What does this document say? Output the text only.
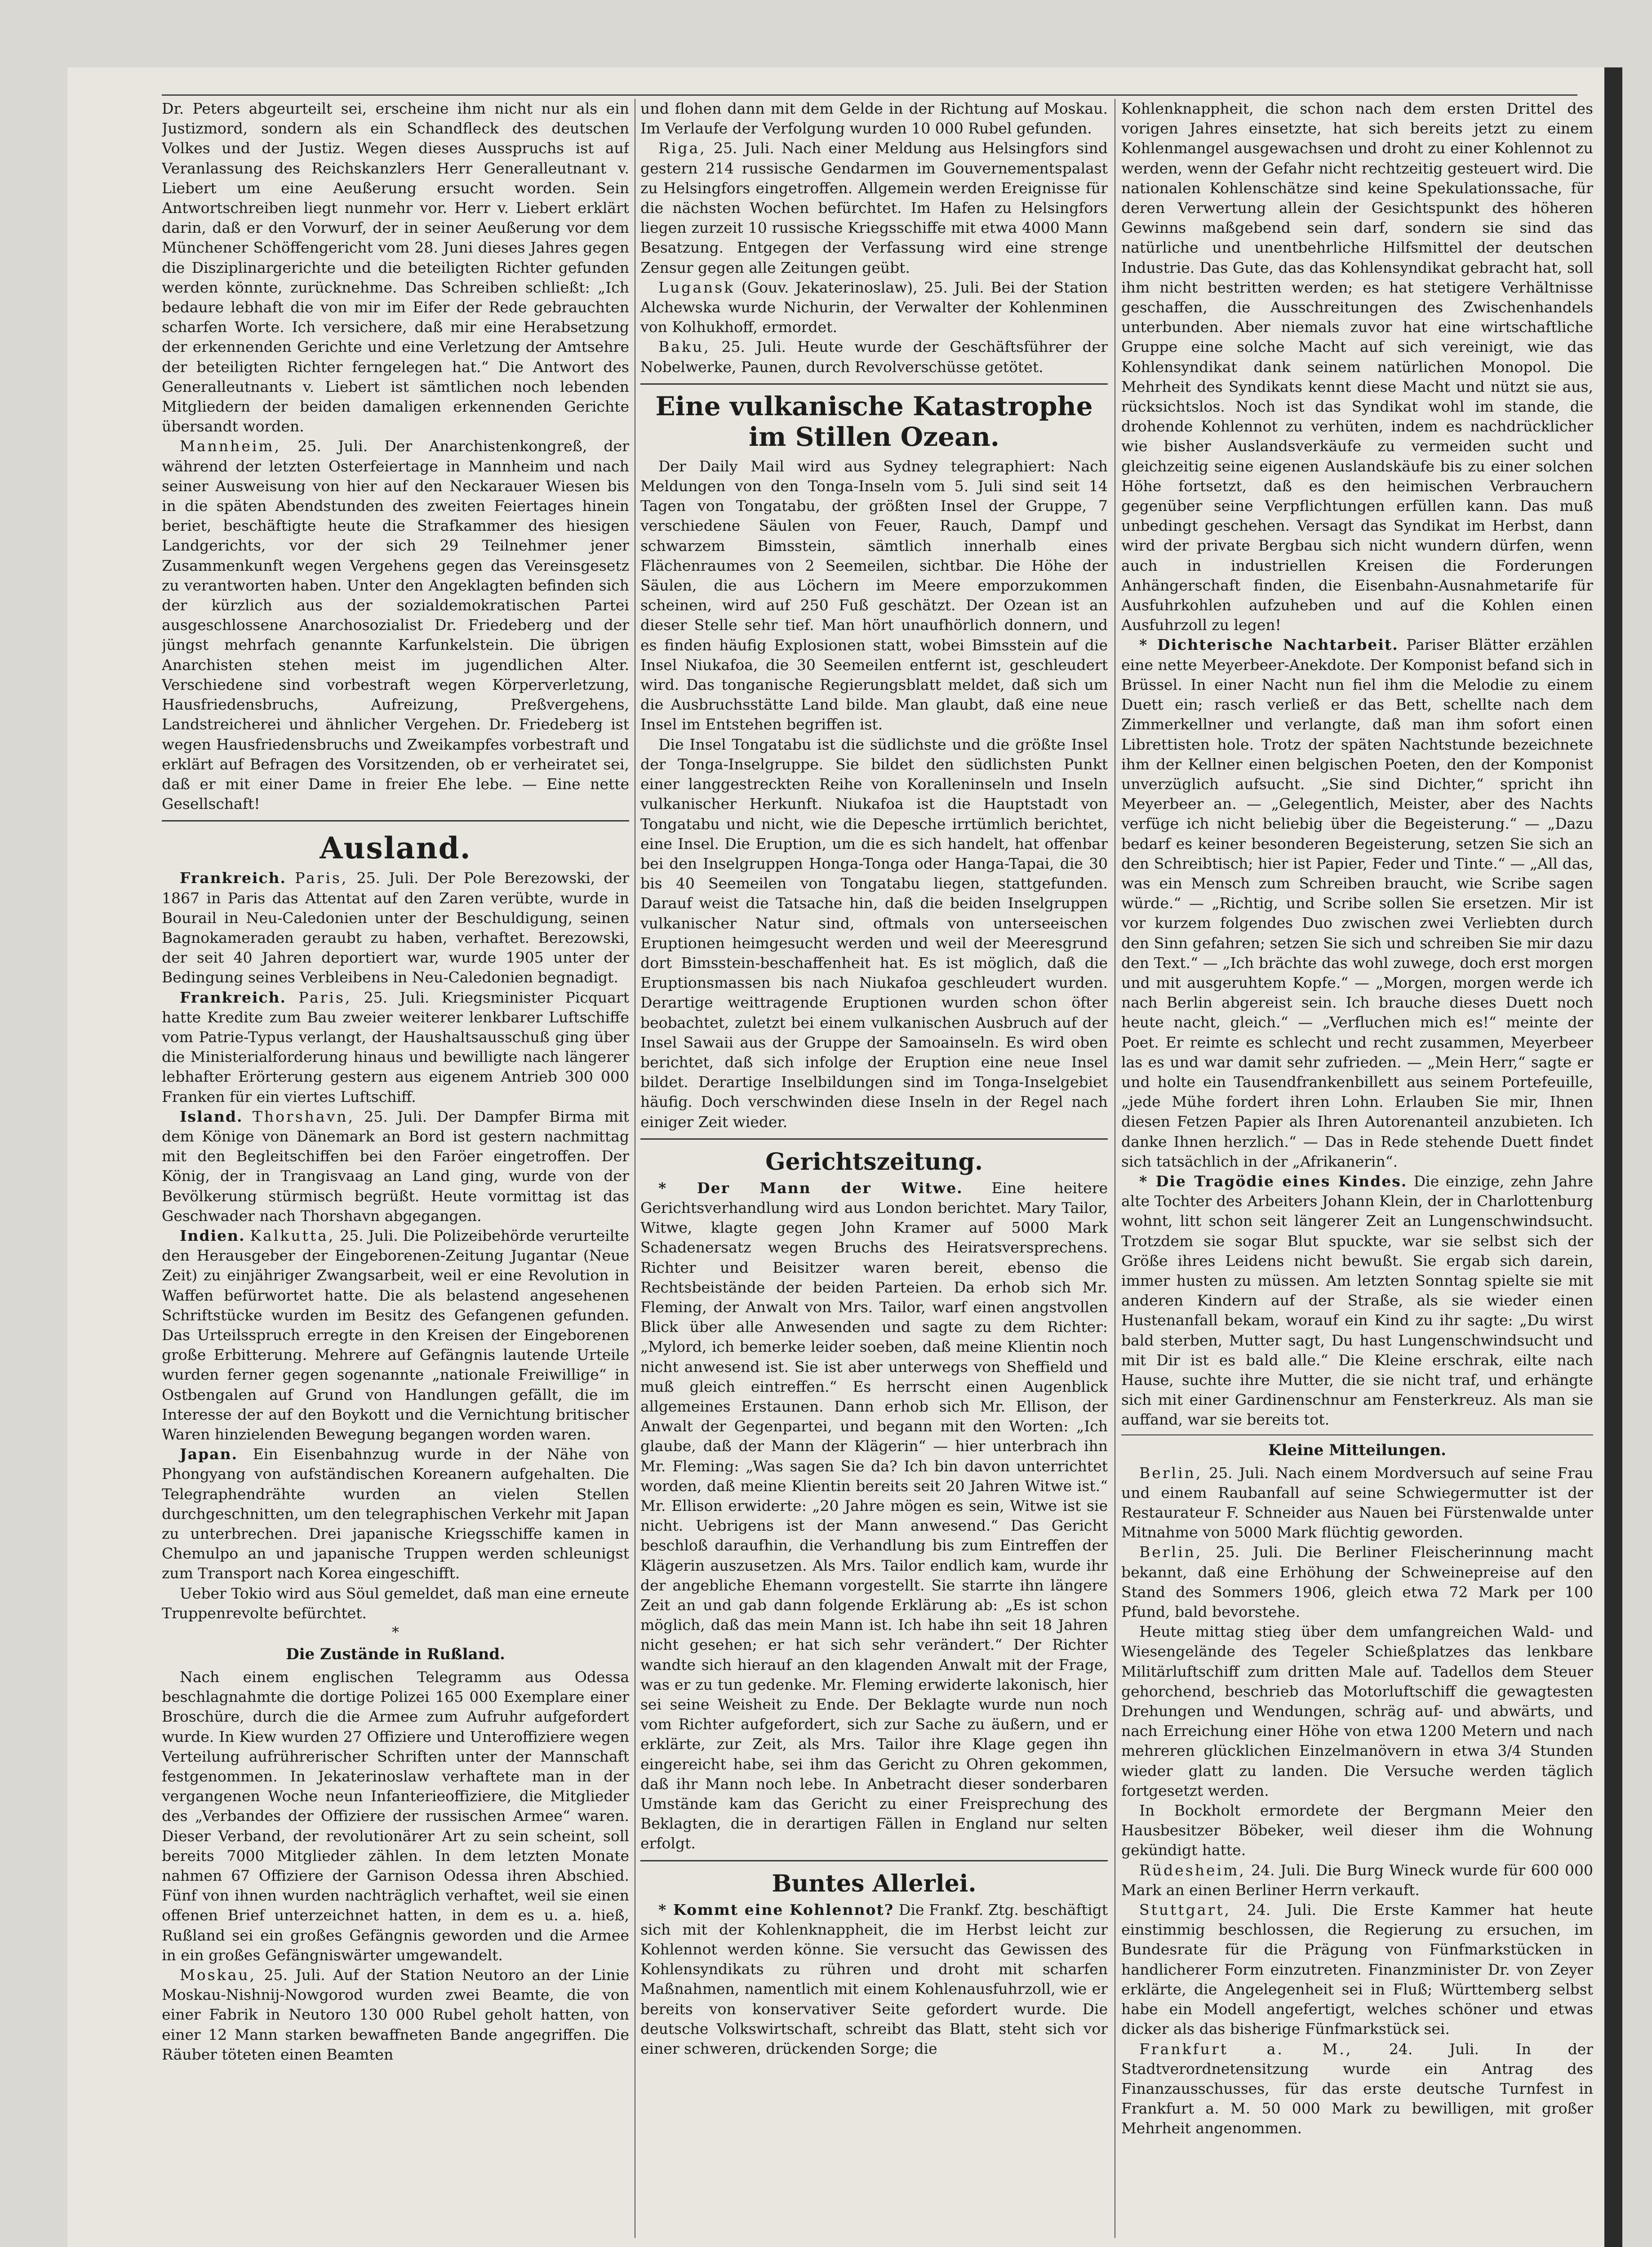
Dr. Peters abgeurteilt sei, erscheine ihm nicht nur als ein Justizmord, sondern als ein Schandfleck des deutschen Volkes und der Justiz. Wegen dieses Ausspruchs ist auf Veranlassung des Reichskanzlers Herr Generalleutnant v. Liebert um eine Aeußerung ersucht worden. Sein Antwortschreiben liegt nunmehr vor. Herr v. Liebert erklärt darin, daß er den Vorwurf, der in seiner Aeußerung vor dem Münchener Schöffengericht vom 28. Juni dieses Jahres gegen die Disziplinargerichte und die beteiligten Richter gefunden werden könnte, zurücknehme. Das Schreiben schließt: „Ich bedaure lebhaft die von mir im Eifer der Rede gebrauchten scharfen Worte. Ich versichere, daß mir eine Herabsetzung der erkennenden Gerichte und eine Verletzung der Amtsehre der beteiligten Richter ferngelegen hat.“ Die Antwort des Generalleutnants v. Liebert ist sämtlichen noch lebenden Mitgliedern der beiden damaligen erkennenden Gerichte übersandt worden.

Mannheim, 25. Juli. Der Anarchistenkongreß, der während der letzten Osterfeiertage in Mannheim und nach seiner Ausweisung von hier auf den Neckarauer Wiesen bis in die späten Abendstunden des zweiten Feiertages hinein beriet, beschäftigte heute die Strafkammer des hiesigen Landgerichts, vor der sich 29 Teilnehmer jener Zusammenkunft wegen Vergehens gegen das Vereinsgesetz zu verantworten haben. Unter den Angeklagten befinden sich der kürzlich aus der sozialdemokratischen Partei ausgeschlossene Anarchosozialist Dr. Friedeberg und der jüngst mehrfach genannte Karfunkelstein. Die übrigen Anarchisten stehen meist im jugendlichen Alter. Verschiedene sind vorbestraft wegen Körperverletzung, Hausfriedensbruchs, Aufreizung, Preßvergehens, Landstreicherei und ähnlicher Vergehen. Dr. Friedeberg ist wegen Hausfriedensbruchs und Zweikampfes vorbestraft und erklärt auf Befragen des Vorsitzenden, ob er verheiratet sei, daß er mit einer Dame in freier Ehe lebe. — Eine nette Gesellschaft!

Ausland.

Frankreich. Paris, 25. Juli. Der Pole Berezowski, der 1867 in Paris das Attentat auf den Zaren verübte, wurde in Bourail in Neu-Caledonien unter der Beschuldigung, seinen Bagnokameraden geraubt zu haben, verhaftet. Berezowski, der seit 40 Jahren deportiert war, wurde 1905 unter der Bedingung seines Verbleibens in Neu-Caledonien begnadigt.

Frankreich. Paris, 25. Juli. Kriegsminister Picquart hatte Kredite zum Bau zweier weiterer lenkbarer Luftschiffe vom Patrie-Typus verlangt, der Haushaltsausschuß ging über die Ministerialforderung hinaus und bewilligte nach längerer lebhafter Erörterung gestern aus eigenem Antrieb 300 000 Franken für ein viertes Luftschiff.

Island. Thorshavn, 25. Juli. Der Dampfer Birma mit dem Könige von Dänemark an Bord ist gestern nachmittag mit den Begleitschiffen bei den Faröer eingetroffen. Der König, der in Trangisvaag an Land ging, wurde von der Bevölkerung stürmisch begrüßt. Heute vormittag ist das Geschwader nach Thorshavn abgegangen.

Indien. Kalkutta, 25. Juli. Die Polizeibehörde verurteilte den Herausgeber der Eingeborenen-Zeitung Jugantar (Neue Zeit) zu einjähriger Zwangsarbeit, weil er eine Revolution in Waffen befürwortet hatte. Die als belastend angesehenen Schriftstücke wurden im Besitz des Gefangenen gefunden. Das Urteilsspruch erregte in den Kreisen der Eingeborenen große Erbitterung. Mehrere auf Gefängnis lautende Urteile wurden ferner gegen sogenannte „nationale Freiwillige“ in Ostbengalen auf Grund von Handlungen gefällt, die im Interesse der auf den Boykott und die Vernichtung britischer Waren hinzielenden Bewegung begangen worden waren.

Japan. Ein Eisenbahnzug wurde in der Nähe von Phongyang von aufständischen Koreanern aufgehalten. Die Telegraphendrähte wurden an vielen Stellen durchgeschnitten, um den telegraphischen Verkehr mit Japan zu unterbrechen. Drei japanische Kriegsschiffe kamen in Chemulpo an und japanische Truppen werden schleunigst zum Transport nach Korea eingeschifft.

Ueber Tokio wird aus Söul gemeldet, daß man eine erneute Truppenrevolte befürchtet.

*
Die Zustände in Rußland.

Nach einem englischen Telegramm aus Odessa beschlagnahmte die dortige Polizei 165 000 Exemplare einer Broschüre, durch die die Armee zum Aufruhr aufgefordert wurde. In Kiew wurden 27 Offiziere und Unteroffiziere wegen Verteilung aufrührerischer Schriften unter der Mannschaft festgenommen. In Jekaterinoslaw verhaftete man in der vergangenen Woche neun Infanterieoffiziere, die Mitglieder des „Verbandes der Offiziere der russischen Armee“ waren. Dieser Verband, der revolutionärer Art zu sein scheint, soll bereits 7000 Mitglieder zählen. In dem letzten Monate nahmen 67 Offiziere der Garnison Odessa ihren Abschied. Fünf von ihnen wurden nachträglich verhaftet, weil sie einen offenen Brief unterzeichnet hatten, in dem es u. a. hieß, Rußland sei ein großes Gefängnis geworden und die Armee in ein großes Gefängniswärter umgewandelt.

Moskau, 25. Juli. Auf der Station Neutoro an der Linie Moskau-Nishnij-Nowgorod wurden zwei Beamte, die von einer Fabrik in Neutoro 130 000 Rubel geholt hatten, von einer 12 Mann starken bewaffneten Bande angegriffen. Die Räuber töteten einen Beamten

und flohen dann mit dem Gelde in der Richtung auf Moskau. Im Verlaufe der Verfolgung wurden 10 000 Rubel gefunden.

Riga, 25. Juli. Nach einer Meldung aus Helsingfors sind gestern 214 russische Gendarmen im Gouvernementspalast zu Helsingfors eingetroffen. Allgemein werden Ereignisse für die nächsten Wochen befürchtet. Im Hafen zu Helsingfors liegen zurzeit 10 russische Kriegsschiffe mit etwa 4000 Mann Besatzung. Entgegen der Verfassung wird eine strenge Zensur gegen alle Zeitungen geübt.

Lugansk (Gouv. Jekaterinoslaw), 25. Juli. Bei der Station Alchewska wurde Nichurin, der Verwalter der Kohlenminen von Kolhukhoff, ermordet.

Baku, 25. Juli. Heute wurde der Geschäftsführer der Nobelwerke, Paunen, durch Revolverschüsse getötet.

Eine vulkanische Katastrophe im Stillen Ozean.

Der Daily Mail wird aus Sydney telegraphiert: Nach Meldungen von den Tonga-Inseln vom 5. Juli sind seit 14 Tagen von Tongatabu, der größten Insel der Gruppe, 7 verschiedene Säulen von Feuer, Rauch, Dampf und schwarzem Bimsstein, sämtlich innerhalb eines Flächenraumes von 2 Seemeilen, sichtbar. Die Höhe der Säulen, die aus Löchern im Meere emporzukommen scheinen, wird auf 250 Fuß geschätzt. Der Ozean ist an dieser Stelle sehr tief. Man hört unaufhörlich donnern, und es finden häufig Explosionen statt, wobei Bimsstein auf die Insel Niukafoa, die 30 Seemeilen entfernt ist, geschleudert wird. Das tonganische Regierungsblatt meldet, daß sich um die Ausbruchsstätte Land bilde. Man glaubt, daß eine neue Insel im Entstehen begriffen ist.

Die Insel Tongatabu ist die südlichste und die größte Insel der Tonga-Inselgruppe. Sie bildet den südlichsten Punkt einer langgestreckten Reihe von Koralleninseln und Inseln vulkanischer Herkunft. Niukafoa ist die Hauptstadt von Tongatabu und nicht, wie die Depesche irrtümlich berichtet, eine Insel. Die Eruption, um die es sich handelt, hat offenbar bei den Inselgruppen Honga-Tonga oder Hanga-Tapai, die 30 bis 40 Seemeilen von Tongatabu liegen, stattgefunden. Darauf weist die Tatsache hin, daß die beiden Inselgruppen vulkanischer Natur sind, oftmals von unterseeischen Eruptionen heimgesucht werden und weil der Meeresgrund dort Bimsstein-beschaffenheit hat. Es ist möglich, daß die Eruptionsmassen bis nach Niukafoa geschleudert wurden. Derartige weittragende Eruptionen wurden schon öfter beobachtet, zuletzt bei einem vulkanischen Ausbruch auf der Insel Sawaii aus der Gruppe der Samoainseln. Es wird oben berichtet, daß sich infolge der Eruption eine neue Insel bildet. Derartige Inselbildungen sind im Tonga-Inselgebiet häufig. Doch verschwinden diese Inseln in der Regel nach einiger Zeit wieder.

Gerichtszeitung.

* Der Mann der Witwe. Eine heitere Gerichtsverhandlung wird aus London berichtet. Mary Tailor, Witwe, klagte gegen John Kramer auf 5000 Mark Schadenersatz wegen Bruchs des Heiratsversprechens. Richter und Beisitzer waren bereit, ebenso die Rechtsbeistände der beiden Parteien. Da erhob sich Mr. Fleming, der Anwalt von Mrs. Tailor, warf einen angstvollen Blick über alle Anwesenden und sagte zu dem Richter: „Mylord, ich bemerke leider soeben, daß meine Klientin noch nicht anwesend ist. Sie ist aber unterwegs von Sheffield und muß gleich eintreffen.“ Es herrscht einen Augenblick allgemeines Erstaunen. Dann erhob sich Mr. Ellison, der Anwalt der Gegenpartei, und begann mit den Worten: „Ich glaube, daß der Mann der Klägerin“ — hier unterbrach ihn Mr. Fleming: „Was sagen Sie da? Ich bin davon unterrichtet worden, daß meine Klientin bereits seit 20 Jahren Witwe ist.“ Mr. Ellison erwiderte: „20 Jahre mögen es sein, Witwe ist sie nicht. Uebrigens ist der Mann anwesend.“ Das Gericht beschloß daraufhin, die Verhandlung bis zum Eintreffen der Klägerin auszusetzen. Als Mrs. Tailor endlich kam, wurde ihr der angebliche Ehemann vorgestellt. Sie starrte ihn längere Zeit an und gab dann folgende Erklärung ab: „Es ist schon möglich, daß das mein Mann ist. Ich habe ihn seit 18 Jahren nicht gesehen; er hat sich sehr verändert.“ Der Richter wandte sich hierauf an den klagenden Anwalt mit der Frage, was er zu tun gedenke. Mr. Fleming erwiderte lakonisch, hier sei seine Weisheit zu Ende. Der Beklagte wurde nun noch vom Richter aufgefordert, sich zur Sache zu äußern, und er erklärte, zur Zeit, als Mrs. Tailor ihre Klage gegen ihn eingereicht habe, sei ihm das Gericht zu Ohren gekommen, daß ihr Mann noch lebe. In Anbetracht dieser sonderbaren Umstände kam das Gericht zu einer Freisprechung des Beklagten, die in derartigen Fällen in England nur selten erfolgt.

Buntes Allerlei.

* Kommt eine Kohlennot? Die Frankf. Ztg. beschäftigt sich mit der Kohlenknappheit, die im Herbst leicht zur Kohlennot werden könne. Sie versucht das Gewissen des Kohlensyndikats zu rühren und droht mit scharfen Maßnahmen, namentlich mit einem Kohlenausfuhrzoll, wie er bereits von konservativer Seite gefordert wurde. Die deutsche Volkswirtschaft, schreibt das Blatt, steht sich vor einer schweren, drückenden Sorge; die

Kohlenknappheit, die schon nach dem ersten Drittel des vorigen Jahres einsetzte, hat sich bereits jetzt zu einem Kohlenmangel ausgewachsen und droht zu einer Kohlennot zu werden, wenn der Gefahr nicht rechtzeitig gesteuert wird. Die nationalen Kohlenschätze sind keine Spekulationssache, für deren Verwertung allein der Gesichtspunkt des höheren Gewinns maßgebend sein darf, sondern sie sind das natürliche und unentbehrliche Hilfsmittel der deutschen Industrie. Das Gute, das das Kohlensyndikat gebracht hat, soll ihm nicht bestritten werden; es hat stetigere Verhältnisse geschaffen, die Ausschreitungen des Zwischenhandels unterbunden. Aber niemals zuvor hat eine wirtschaftliche Gruppe eine solche Macht auf sich vereinigt, wie das Kohlensyndikat dank seinem natürlichen Monopol. Die Mehrheit des Syndikats kennt diese Macht und nützt sie aus, rücksichtslos. Noch ist das Syndikat wohl im stande, die drohende Kohlennot zu verhüten, indem es nachdrücklicher wie bisher Auslandsverkäufe zu vermeiden sucht und gleichzeitig seine eigenen Auslandskäufe bis zu einer solchen Höhe fortsetzt, daß es den heimischen Verbrauchern gegenüber seine Verpflichtungen erfüllen kann. Das muß unbedingt geschehen. Versagt das Syndikat im Herbst, dann wird der private Bergbau sich nicht wundern dürfen, wenn auch in industriellen Kreisen die Forderungen Anhängerschaft finden, die Eisenbahn-Ausnahmetarife für Ausfuhrkohlen aufzuheben und auf die Kohlen einen Ausfuhrzoll zu legen!

* Dichterische Nachtarbeit. Pariser Blätter erzählen eine nette Meyerbeer-Anekdote. Der Komponist befand sich in Brüssel. In einer Nacht nun fiel ihm die Melodie zu einem Duett ein; rasch verließ er das Bett, schellte nach dem Zimmerkellner und verlangte, daß man ihm sofort einen Librettisten hole. Trotz der späten Nachtstunde bezeichnete ihm der Kellner einen belgischen Poeten, den der Komponist unverzüglich aufsucht. „Sie sind Dichter,“ spricht ihn Meyerbeer an. — „Gelegentlich, Meister, aber des Nachts verfüge ich nicht beliebig über die Begeisterung.“ — „Dazu bedarf es keiner besonderen Begeisterung, setzen Sie sich an den Schreibtisch; hier ist Papier, Feder und Tinte.“ — „All das, was ein Mensch zum Schreiben braucht, wie Scribe sagen würde.“ — „Richtig, und Scribe sollen Sie ersetzen. Mir ist vor kurzem folgendes Duo zwischen zwei Verliebten durch den Sinn gefahren; setzen Sie sich und schreiben Sie mir dazu den Text.“ — „Ich brächte das wohl zuwege, doch erst morgen und mit ausgeruhtem Kopfe.“ — „Morgen, morgen werde ich nach Berlin abgereist sein. Ich brauche dieses Duett noch heute nacht, gleich.“ — „Verfluchen mich es!“ meinte der Poet. Er reimte es schlecht und recht zusammen, Meyerbeer las es und war damit sehr zufrieden. — „Mein Herr,“ sagte er und holte ein Tausendfrankenbillett aus seinem Portefeuille, „jede Mühe fordert ihren Lohn. Erlauben Sie mir, Ihnen diesen Fetzen Papier als Ihren Autorenanteil anzubieten. Ich danke Ihnen herzlich.“ — Das in Rede stehende Duett findet sich tatsächlich in der „Afrikanerin“.

* Die Tragödie eines Kindes. Die einzige, zehn Jahre alte Tochter des Arbeiters Johann Klein, der in Charlottenburg wohnt, litt schon seit längerer Zeit an Lungenschwindsucht. Trotzdem sie sogar Blut spuckte, war sie selbst sich der Größe ihres Leidens nicht bewußt. Sie ergab sich darein, immer husten zu müssen. Am letzten Sonntag spielte sie mit anderen Kindern auf der Straße, als sie wieder einen Hustenanfall bekam, worauf ein Kind zu ihr sagte: „Du wirst bald sterben, Mutter sagt, Du hast Lungenschwindsucht und mit Dir ist es bald alle.“ Die Kleine erschrak, eilte nach Hause, suchte ihre Mutter, die sie nicht traf, und erhängte sich mit einer Gardinenschnur am Fensterkreuz. Als man sie auffand, war sie bereits tot.

Kleine Mitteilungen.

Berlin, 25. Juli. Nach einem Mordversuch auf seine Frau und einem Raubanfall auf seine Schwiegermutter ist der Restaurateur F. Schneider aus Nauen bei Fürstenwalde unter Mitnahme von 5000 Mark flüchtig geworden.

Berlin, 25. Juli. Die Berliner Fleischerinnung macht bekannt, daß eine Erhöhung der Schweinepreise auf den Stand des Sommers 1906, gleich etwa 72 Mark per 100 Pfund, bald bevorstehe.

Heute mittag stieg über dem umfangreichen Wald- und Wiesengelände des Tegeler Schießplatzes das lenkbare Militärluftschiff zum dritten Male auf. Tadellos dem Steuer gehorchend, beschrieb das Motorluftschiff die gewagtesten Drehungen und Wendungen, schräg auf- und abwärts, und nach Erreichung einer Höhe von etwa 1200 Metern und nach mehreren glücklichen Einzelmanövern in etwa 3/4 Stunden wieder glatt zu landen. Die Versuche werden täglich fortgesetzt werden.

In Bockholt ermordete der Bergmann Meier den Hausbesitzer Böbeker, weil dieser ihm die Wohnung gekündigt hatte.

Rüdesheim, 24. Juli. Die Burg Wineck wurde für 600 000 Mark an einen Berliner Herrn verkauft.

Stuttgart, 24. Juli. Die Erste Kammer hat heute einstimmig beschlossen, die Regierung zu ersuchen, im Bundesrate für die Prägung von Fünfmarkstücken in handlicherer Form einzutreten. Finanzminister Dr. von Zeyer erklärte, die Angelegenheit sei in Fluß; Württemberg selbst habe ein Modell angefertigt, welches schöner und etwas dicker als das bisherige Fünfmarkstück sei.

Frankfurt a. M., 24. Juli. In der Stadtverordnetensitzung wurde ein Antrag des Finanzausschusses, für das erste deutsche Turnfest in Frankfurt a. M. 50 000 Mark zu bewilligen, mit großer Mehrheit angenommen.
